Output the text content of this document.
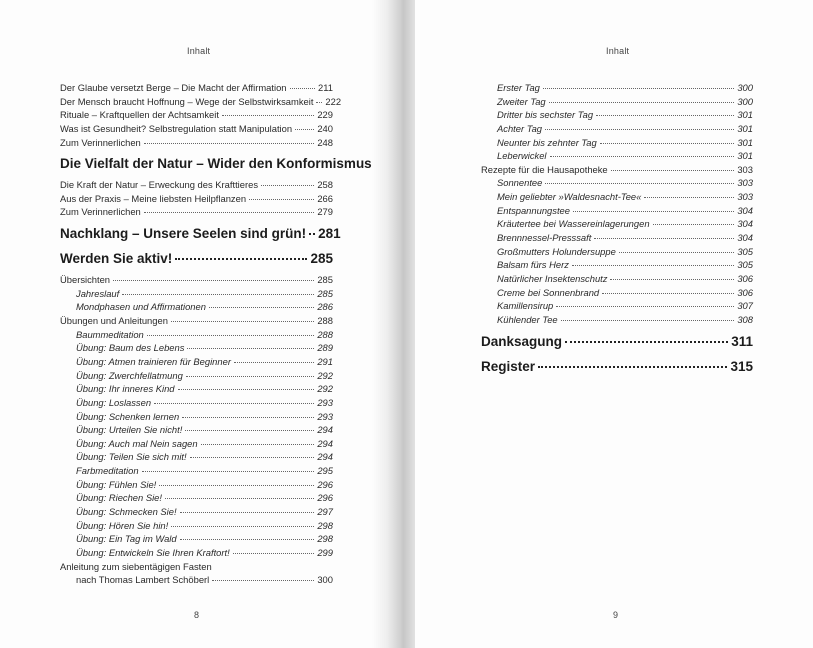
Inhalt
Der Glaube versetzt Berge – Die Macht der Affirmation	211
Der Mensch braucht Hoffnung – Wege der Selbstwirksamkeit 222
Rituale – Kraftquellen der Achtsamkeit	229
Was ist Gesundheit? Selbstregulation statt Manipulation	240
Zum Verinnerlichen	248
Die Vielfalt der Natur – Wider den Konformismus
Die Kraft der Natur – Erweckung des Krafttieres	258
Aus der Praxis – Meine liebsten Heilpflanzen	266
Zum Verinnerlichen	279
Nachklang – Unsere Seelen sind grün! 281
Werden Sie aktiv!	285
Übersichten	285
Jahreslauf	285
Mondphasen und Affirmationen	286
Übungen und Anleitungen	288
Baummeditation	288
Übung: Baum des Lebens	289
Übung: Atmen trainieren für Beginner	291
Übung: Zwerchfellatmung	292
Übung: Ihr inneres Kind	292
Übung: Loslassen	293
Übung: Schenken lernen	293
Übung: Urteilen Sie nicht!	294
Übung: Auch mal Nein sagen	294
Übung: Teilen Sie sich mit!	294
Farbmeditation	295
Übung: Fühlen Sie!	296
Übung: Riechen Sie!	296
Übung: Schmecken Sie!	297
Übung: Hören Sie hin!	298
Übung: Ein Tag im Wald	298
Übung: Entwickeln Sie Ihren Kraftort!	299
Anleitung zum siebentägigen Fasten
nach Thomas Lambert Schöberl	300
8
Inhalt
Erster Tag	300
Zweiter Tag	300
Dritter bis sechster Tag	301
Achter Tag	301
Neunter bis zehnter Tag	301
Leberwickel	301
Rezepte für die Hausapotheke	303
Sonnentee	303
Mein geliebter »Waldesnacht-Tee«	303
Entspannungstee	304
Kräutertee bei Wassereinlagerungen	304
Brennnessel-Presssaft	304
Großmutters Holundersuppe	305
Balsam fürs Herz	305
Natürlicher Insektenschutz	306
Creme bei Sonnenbrand	306
Kamillensirup	307
Kühlender Tee	308
Danksagung	311
Register	315
9
